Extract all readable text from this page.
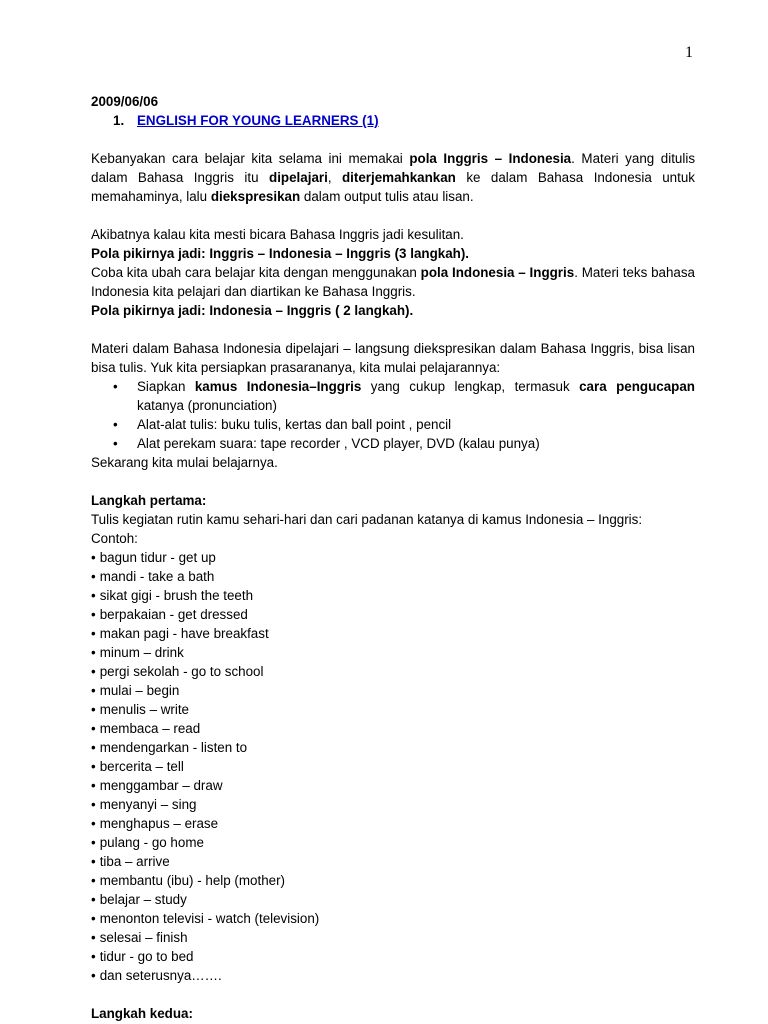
1

2009/06/06

1. ENGLISH FOR YOUNG LEARNERS (1)

Kebanyakan cara belajar kita selama ini memakai pola Inggris – Indonesia. Materi yang ditulis dalam Bahasa Inggris itu dipelajari, diterjemahkankan ke dalam Bahasa Indonesia untuk memahaminya, lalu diekspresikan dalam output tulis atau lisan.

Akibatnya kalau kita mesti bicara Bahasa Inggris jadi kesulitan.

Pola pikirnya jadi: Inggris – Indonesia – Inggris (3 langkah).

Coba kita ubah cara belajar kita dengan menggunakan pola Indonesia – Inggris. Materi teks bahasa Indonesia kita pelajari dan diartikan ke Bahasa Inggris.

Pola pikirnya jadi: Indonesia – Inggris ( 2 langkah).

Materi dalam Bahasa Indonesia dipelajari – langsung diekspresikan dalam Bahasa Inggris, bisa lisan bisa tulis. Yuk kita persiapkan prasarananya, kita mulai pelajarannya:

• Siapkan kamus Indonesia–Inggris yang cukup lengkap, termasuk cara pengucapan katanya (pronunciation)
• Alat-alat tulis: buku tulis, kertas dan ball point , pencil
• Alat perekam suara: tape recorder , VCD player, DVD (kalau punya)

Sekarang kita mulai belajarnya.

Langkah pertama:

Tulis kegiatan rutin kamu sehari-hari dan cari padanan katanya di kamus Indonesia – Inggris:

Contoh:

• bagun tidur - get up

• mandi - take a bath

• sikat gigi - brush the teeth

• berpakaian - get dressed

• makan pagi - have breakfast

• minum – drink

• pergi sekolah - go to school

• mulai – begin

• menulis – write

• membaca – read

• mendengarkan - listen to

• bercerita – tell

• menggambar – draw

• menyanyi – sing

• menghapus – erase

• pulang - go home

• tiba – arrive

• membantu (ibu) - help (mother)

• belajar – study

• menonton televisi - watch (television)

• selesai – finish

• tidur - go to bed

• dan seterusnya…….

Langkah kedua:
